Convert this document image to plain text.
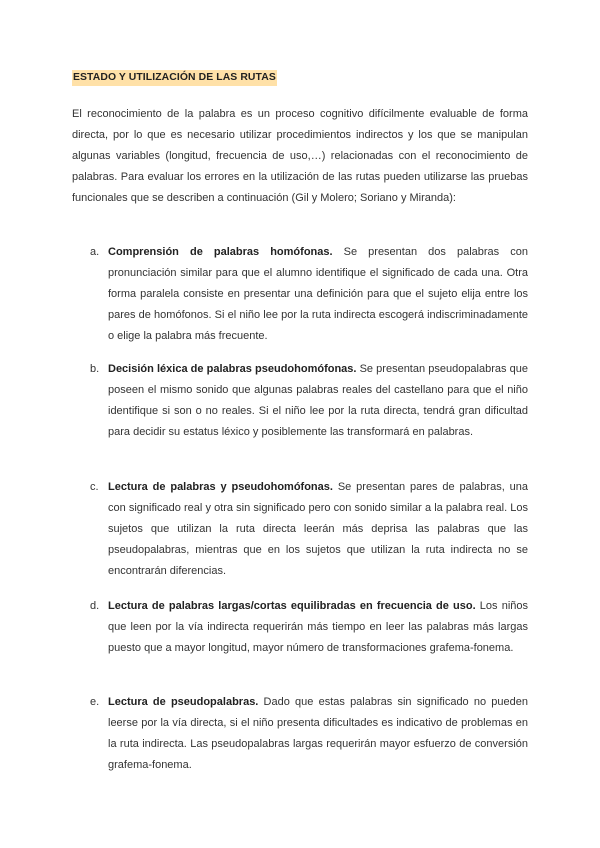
ESTADO Y UTILIZACIÓN DE LAS RUTAS

El reconocimiento de la palabra es un proceso cognitivo difícilmente evaluable de forma directa, por lo que es necesario utilizar procedimientos indirectos y los que se manipulan algunas variables (longitud, frecuencia de uso,…) relacionadas con el reconocimiento de palabras. Para evaluar los errores en la utilización de las rutas pueden utilizarse las pruebas funcionales que se describen a continuación (Gil y Molero; Soriano y Miranda):

a. Comprensión de palabras homófonas. Se presentan dos palabras con pronunciación similar para que el alumno identifique el significado de cada una. Otra forma paralela consiste en presentar una definición para que el sujeto elija entre los pares de homófonos. Si el niño lee por la ruta indirecta escogerá indiscriminadamente o elige la palabra más frecuente.

b. Decisión léxica de palabras pseudohomófonas. Se presentan pseudopalabras que poseen el mismo sonido que algunas palabras reales del castellano para que el niño identifique si son o no reales. Si el niño lee por la ruta directa, tendrá gran dificultad para decidir su estatus léxico y posiblemente las transformará en palabras.

c. Lectura de palabras y pseudohomófonas. Se presentan pares de palabras, una con significado real y otra sin significado pero con sonido similar a la palabra real. Los sujetos que utilizan la ruta directa leerán más deprisa las palabras que las pseudopalabras, mientras que en los sujetos que utilizan la ruta indirecta no se encontrarán diferencias.

d. Lectura de palabras largas/cortas equilibradas en frecuencia de uso. Los niños que leen por la vía indirecta requerirán más tiempo en leer las palabras más largas puesto que a mayor longitud, mayor número de transformaciones grafema-fonema.

e. Lectura de pseudopalabras. Dado que estas palabras sin significado no pueden leerse por la vía directa, si el niño presenta dificultades es indicativo de problemas en la ruta indirecta. Las pseudopalabras largas requerirán mayor esfuerzo de conversión grafema-fonema.
